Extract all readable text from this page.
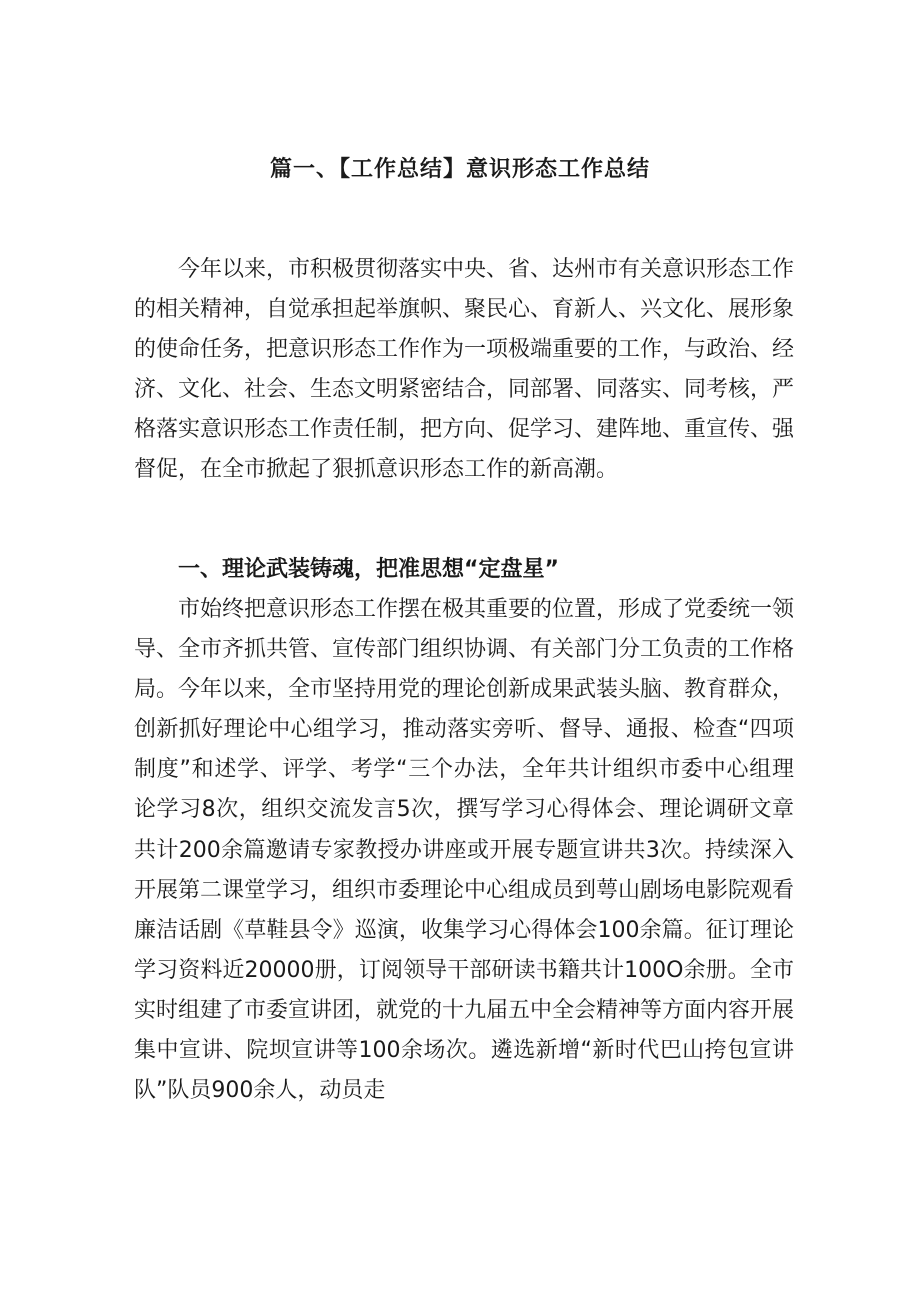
篇一、【工作总结】意识形态工作总结

今年以来，市积极贯彻落实中央、省、达州市有关意识形态工作的相关精神，自觉承担起举旗帜、聚民心、育新人、兴文化、展形象的使命任务，把意识形态工作作为一项极端重要的工作，与政治、经济、文化、社会、生态文明紧密结合，同部署、同落实、同考核，严格落实意识形态工作责任制，把方向、促学习、建阵地、重宣传、强督促，在全市掀起了狠抓意识形态工作的新高潮。

一、理论武装铸魂，把准思想“定盘星”

市始终把意识形态工作摆在极其重要的位置，形成了党委统一领导、全市齐抓共管、宣传部门组织协调、有关部门分工负责的工作格局。今年以来，全市坚持用党的理论创新成果武装头脑、教育群众，创新抓好理论中心组学习，推动落实旁听、督导、通报、检查“四项制度”和述学、评学、考学“三个办法，全年共计组织市委中心组理论学习8次，组织交流发言5次，撰写学习心得体会、理论调研文章共计200余篇邀请专家教授办讲座或开展专题宣讲共3次。持续深入开展第二课堂学习，组织市委理论中心组成员到萼山剧场电影院观看廉洁话剧《草鞋县令》巡演，收集学习心得体会100余篇。征订理论学习资料近20000册，订阅领导干部研读书籍共计100O余册。全市实时组建了市委宣讲团，就党的十九届五中全会精神等方面内容开展集中宣讲、院坝宣讲等100余场次。遴选新增“新时代巴山挎包宣讲队”队员900余人，动员走
